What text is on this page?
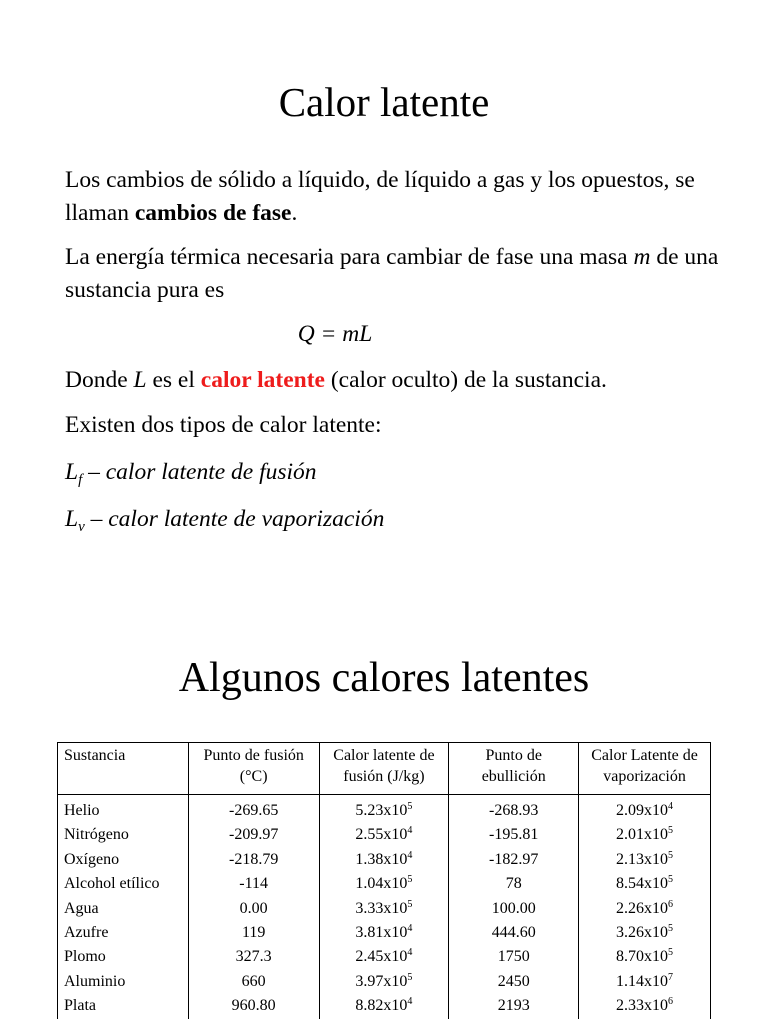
Calor latente
Los cambios de sólido a líquido, de líquido a gas y los opuestos, se llaman cambios de fase.
La energía térmica necesaria para cambiar de fase una masa m de una sustancia pura es
Q = mL
Donde L es el calor latente (calor oculto) de la sustancia.
Existen dos tipos de calor latente:
$L_f$ – calor latente de fusión
$L_v$ – calor latente de vaporización
Algunos calores latentes
Sustancia	Punto de fusión (°C)	Calor latente de fusión (J/kg)	Punto de ebullición	Calor Latente de vaporización
Helio	-269.65	$5.23x10^5$	-268.93	$2.09x10^4$
Nitrógeno	-209.97	$2.55x10^4$	-195.81	$2.01x10^5$
Oxígeno	-218.79	$1.38x10^4$	-182.97	$2.13x10^5$
Alcohol etílico	-114	$1.04x10^5$	78	$8.54x10^5$
Agua	0.00	$3.33x10^5$	100.00	$2.26x10^6$
Azufre	119	$3.81x10^4$	444.60	$3.26x10^5$
Plomo	327.3	$2.45x10^4$	1750	$8.70x10^5$
Aluminio	660	$3.97x10^5$	2450	$1.14x10^7$
Plata	960.80	$8.82x10^4$	2193	$2.33x10^6$
